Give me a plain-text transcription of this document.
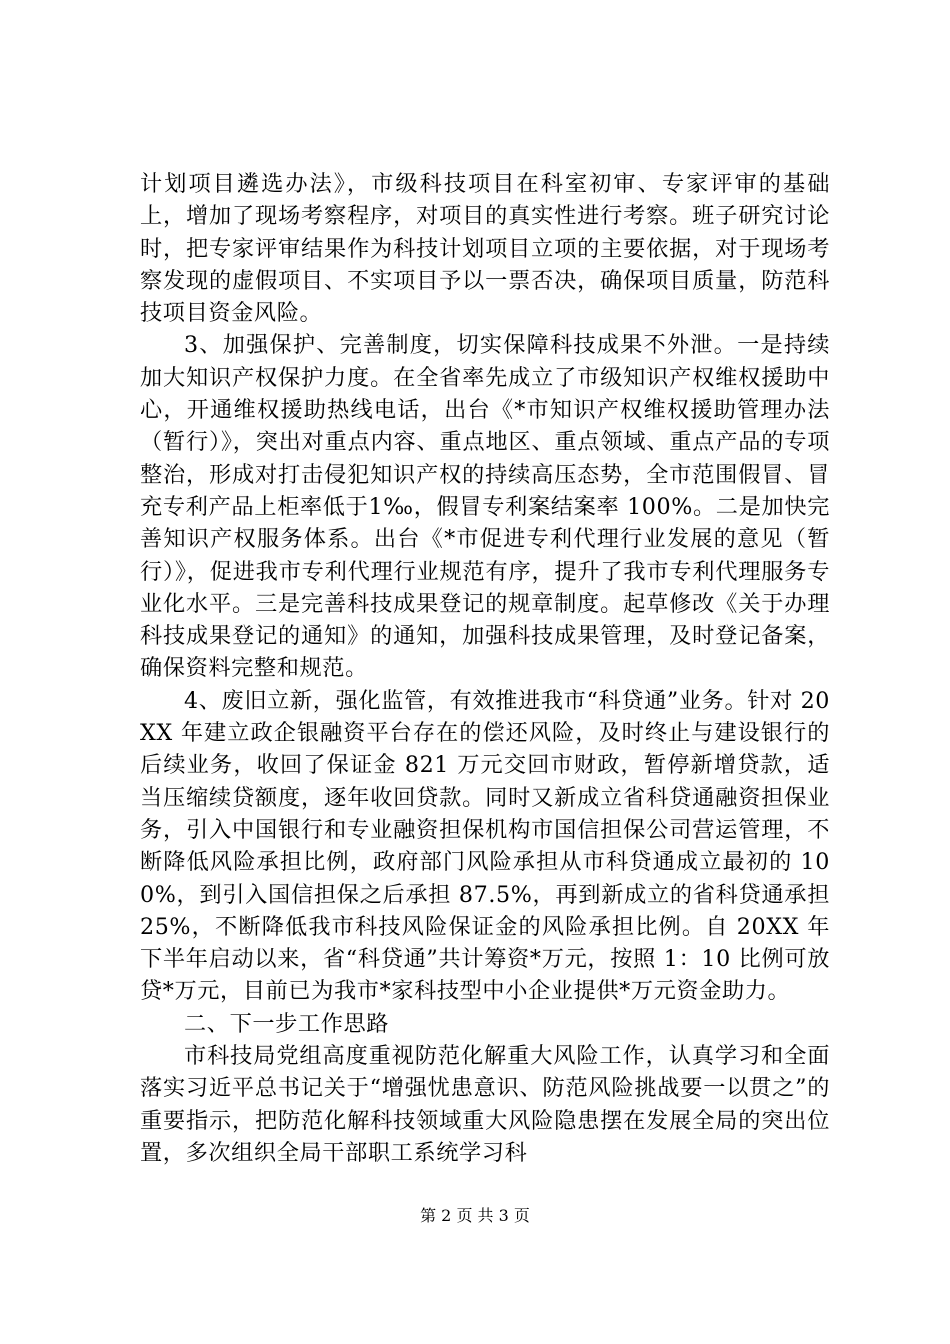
计划项目遴选办法》，市级科技项目在科室初审、专家评审的基础上，增加了现场考察程序，对项目的真实性进行考察。班子研究讨论时，把专家评审结果作为科技计划项目立项的主要依据，对于现场考察发现的虚假项目、不实项目予以一票否决，确保项目质量，防范科技项目资金风险。

3、加强保护、完善制度，切实保障科技成果不外泄。一是持续加大知识产权保护力度。在全省率先成立了市级知识产权维权援助中心，开通维权援助热线电话，出台《*市知识产权维权援助管理办法（暂行）》，突出对重点内容、重点地区、重点领域、重点产品的专项整治，形成对打击侵犯知识产权的持续高压态势，全市范围假冒、冒充专利产品上柜率低于1‰，假冒专利案结案率 100%。二是加快完善知识产权服务体系。出台《*市促进专利代理行业发展的意见（暂行）》，促进我市专利代理行业规范有序，提升了我市专利代理服务专业化水平。三是完善科技成果登记的规章制度。起草修改《关于办理科技成果登记的通知》的通知，加强科技成果管理，及时登记备案，确保资料完整和规范。

4、废旧立新，强化监管，有效推进我市“科贷通”业务。针对 20XX 年建立政企银融资平台存在的偿还风险，及时终止与建设银行的后续业务，收回了保证金 821 万元交回市财政，暂停新增贷款，适当压缩续贷额度，逐年收回贷款。同时又新成立省科贷通融资担保业务，引入中国银行和专业融资担保机构市国信担保公司营运管理，不断降低风险承担比例，政府部门风险承担从市科贷通成立最初的 100%，到引入国信担保之后承担 87.5%，再到新成立的省科贷通承担 25%，不断降低我市科技风险保证金的风险承担比例。自 20XX 年下半年启动以来，省“科贷通”共计筹资*万元，按照 1：10 比例可放贷*万元，目前已为我市*家科技型中小企业提供*万元资金助力。

二、下一步工作思路

市科技局党组高度重视防范化解重大风险工作，认真学习和全面落实习近平总书记关于“增强忧患意识、防范风险挑战要一以贯之”的重要指示，把防范化解科技领域重大风险隐患摆在发展全局的突出位置，多次组织全局干部职工系统学习科

第 2 页 共 3 页
